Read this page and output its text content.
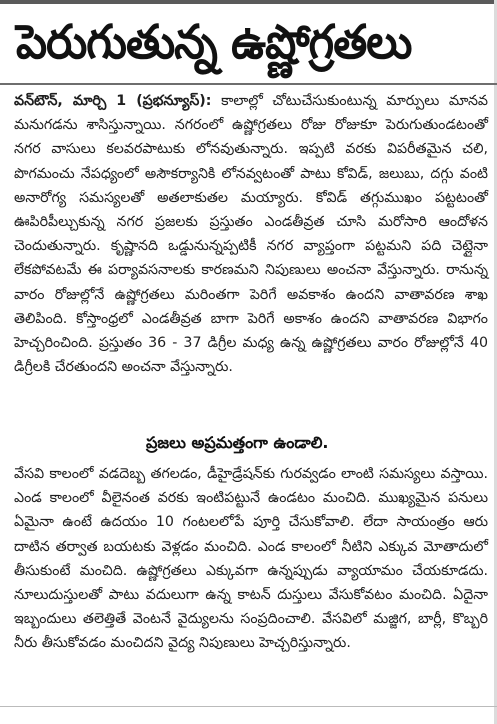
పెరుగుతున్న ఉష్ణోగ్రతలు

వన్‌టౌన్, మార్చి 1 (ప్రభన్యూస్): కాలాల్లో చోటుచేసుకుంటున్న మార్పులు మానవ మనుగడను శాసిస్తున్నాయి. నగరంలో ఉష్ణోగ్రతలు రోజు రోజుకూ పెరుగుతుండటంతో నగర వాసులు కలవరపాటుకు లోనవుతున్నారు. ఇప్పటి వరకు విపరీతమైన చలి, పొగమంచు నేపధ్యంలో అసౌకర్యానికి లోనవ్వటంతో పాటు కోవిడ్, జలుబు, దగ్గు వంటి అనారోగ్య సమస్యలతో అతలాకుతల మయ్యారు. కోవిడ్ తగ్గుముఖం పట్టటంతో ఊపిరిపీల్చుకున్న నగర ప్రజలకు ప్రస్తుతం ఎండతీవ్రత చూసి మరోసారి ఆందోళన చెందుతున్నారు. కృష్ణానది ఒడ్డునున్నప్పటికీ నగర వ్యాప్తంగా పట్టమని పది చెట్లైనా లేకపోవటమే ఈ పర్యావసనాలకు కారణమని నిపుణులు అంచనా వేస్తున్నారు. రానున్న వారం రోజుల్లోనే ఉష్ణోగ్రతలు మరింతగా పెరిగే అవకాశం ఉందని వాతావరణ శాఖ తెలిపింది. కోస్తాంధ్రలో ఎండతీవ్రత బాగా పెరిగే అకాశం ఉందని వాతావరణ విభాగం హెచ్చరించింది. ప్రస్తుతం 36 - 37 డిగ్రీల మధ్య ఉన్న ఉష్ణోగ్రతలు వారం రోజుల్లోనే 40 డిగ్రీలకి చేరతుందని అంచనా వేస్తున్నారు.

ప్రజలు అప్రమత్తంగా ఉండాలి.

వేసవి కాలంలో వడదెబ్బ తగలడం, డీహైడ్రేషన్‌కు గురవ్వడం లాంటి సమస్యలు వస్తాయి. ఎండ కాలంలో వీలైనంత వరకు ఇంటిపట్టునే ఉండటం మంచిది. ముఖ్యమైన పనులు ఏమైనా ఉంటే ఉదయం 10 గంటలలోపే పూర్తి చేసుకోవాలి. లేదా సాయంత్రం ఆరు దాటిన తర్వాత బయటకు వెళ్లడం మంచిది. ఎండ కాలంలో నీటిని ఎక్కువ మోతాదులో తీసుకుంటే మంచిది. ఉష్ణోగ్రతలు ఎక్కువగా ఉన్నప్పుడు వ్యాయామం చేయకూడదు. నూలుదుస్తులతో పాటు వదులుగా ఉన్న కాటన్ దుస్తులు వేసుకోవటం మంచిది. ఏదైనా ఇబ్బందులు తలెత్తితే వెంటనే వైద్యులను సంప్రదించాలి. వేసవిలో మజ్జిగ, బార్లీ, కొబ్బరి నీరు తీసుకోవడం మంచిదని వైద్య నిపుణులు హెచ్చరిస్తున్నారు.
